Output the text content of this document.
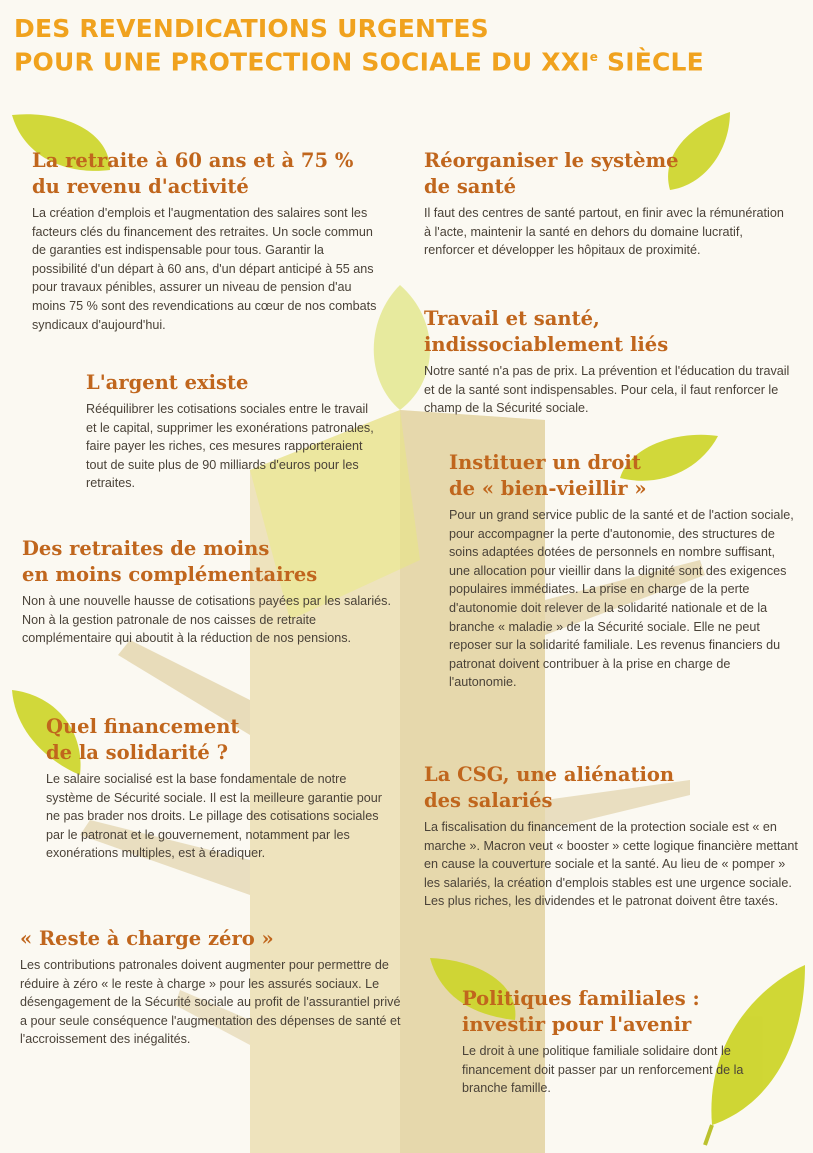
DES REVENDICATIONS URGENTES
POUR UNE PROTECTION SOCIALE DU XXIe SIÈCLE
La retraite à 60 ans et à 75 %
du revenu d'activité

La création d'emplois et l'augmentation des salaires sont les facteurs clés du financement des retraites. Un socle commun de garanties est indispensable pour tous. Garantir la possibilité d'un départ à 60 ans, d'un départ anticipé à 55 ans pour travaux pénibles, assurer un niveau de pension d'au moins 75 % sont des revendications au cœur de nos combats syndicaux d'aujourd'hui.

L'argent existe

Rééquilibrer les cotisations sociales entre le travail et le capital, supprimer les exonérations patronales, faire payer les riches, ces mesures rapporteraient tout de suite plus de 90 milliards d'euros pour les retraites.

Des retraites de moins
en moins complémentaires

Non à une nouvelle hausse de cotisations payées par les salariés. Non à la gestion patronale de nos caisses de retraite complémentaire qui aboutit à la réduction de nos pensions.

Quel financement
de la solidarité ?

Le salaire socialisé est la base fondamentale de notre système de Sécurité sociale. Il est la meilleure garantie pour ne pas brader nos droits. Le pillage des cotisations sociales par le patronat et le gouvernement, notamment par les exonérations multiples, est à éradiquer.

« Reste à charge zéro »

Les contributions patronales doivent augmenter pour permettre de réduire à zéro « le reste à charge » pour les assurés sociaux. Le désengagement de la Sécurité sociale au profit de l'assurantiel privé a pour seule conséquence l'augmentation des dépenses de santé et l'accroissement des inégalités.

Réorganiser le système
de santé

Il faut des centres de santé partout, en finir avec la rémunération à l'acte, maintenir la santé en dehors du domaine lucratif, renforcer et développer les hôpitaux de proximité.

Travail et santé,
indissociablement liés

Notre santé n'a pas de prix. La prévention et l'éducation du travail et de la santé sont indispensables. Pour cela, il faut renforcer le champ de la Sécurité sociale.

Instituer un droit
de « bien-vieillir »

Pour un grand service public de la santé et de l'action sociale, pour accompagner la perte d'autonomie, des structures de soins adaptées dotées de personnels en nombre suffisant, une allocation pour vieillir dans la dignité sont des exigences populaires immédiates. La prise en charge de la perte d'autonomie doit relever de la solidarité nationale et de la branche « maladie » de la Sécurité sociale. Elle ne peut reposer sur la solidarité familiale. Les revenus financiers du patronat doivent contribuer à la prise en charge de l'autonomie.

La CSG, une aliénation
des salariés

La fiscalisation du financement de la protection sociale est « en marche ». Macron veut « booster » cette logique financière mettant en cause la couverture sociale et la santé. Au lieu de « pomper » les salariés, la création d'emplois stables est une urgence sociale. Les plus riches, les dividendes et le patronat doivent être taxés.

Politiques familiales :
investir pour l'avenir

Le droit à une politique familiale solidaire dont le financement doit passer par un renforcement de la branche famille.
